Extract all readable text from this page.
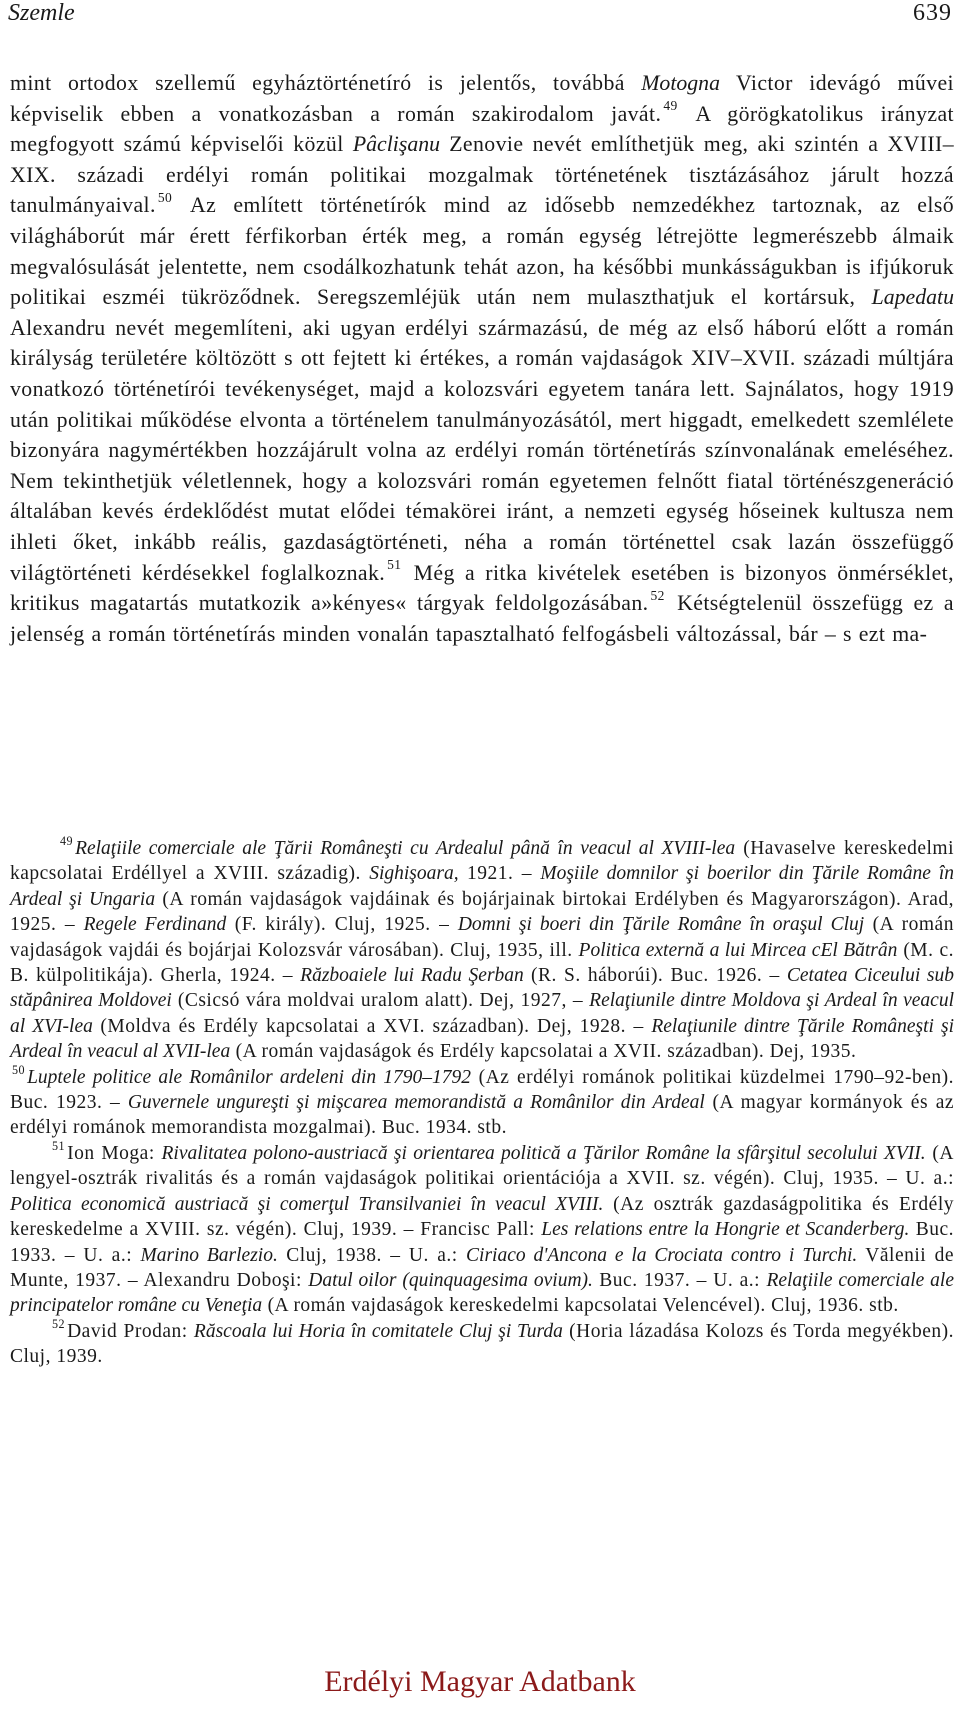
Szemle	639

mint ortodox szellemű egyháztörténetíró is jelentős, továbbá Motogna Victor idevágó művei képviselik ebben a vonatkozásban a román szakirodalom javát. $^{49}$ A görögkatolikus irányzat megfogyott számú képviselői közül Pâclişanu Zenovie nevét említhetjük meg, aki szintén a XVIII–XIX. századi erdélyi román politikai mozgalmak történetének tisztázásához járult hozzá tanulmányaival. $^{50}$ Az említett történetírók mind az idősebb nemzedékhez tartoznak, az első világháborút már érett férfikorban érték meg, a román egység létrejötte legmerészebb álmaik megvalósulását jelentette, nem csodálkozhatunk tehát azon, ha későbbi munkásságukban is ifjúkoruk politikai eszméi tükröződnek. Seregszemléjük után nem mulaszthatjuk el kortársuk, Lapedatu Alexandru nevét megemlíteni, aki ugyan erdélyi származású, de még az első háború előtt a román királyság területére költözött s ott fejtett ki értékes, a román vajdaságok XIV–XVII. századi múltjára vonatkozó történetírói tevékenységet, majd a kolozsvári egyetem tanára lett. Sajnálatos, hogy 1919 után politikai működése elvonta a történelem tanulmányozásától, mert higgadt, emelkedett szemlélete bizonyára nagymértékben hozzájárult volna az erdélyi román történetírás színvonalának emeléséhez. Nem tekinthetjük véletlennek, hogy a kolozsvári román egyetemen felnőtt fiatal történészgeneráció általában kevés érdeklődést mutat elődei témakörei iránt, a nemzeti egység hőseinek kultusza nem ihleti őket, inkább reális, gazdaságtörténeti, néha a román történettel csak lazán összefüggő világtörténeti kérdésekkel foglalkoznak. $^{51}$ Még a ritka kivételek esetében is bizonyos önmérséklet, kritikus magatartás mutatkozik a»kényes« tárgyak feldolgozásában. $^{52}$ Kétségtelenül összefügg ez a jelenség a román történetírás minden vonalán tapasztalható felfogásbeli változással, bár – s ezt ma-

$^{49}$ Relaţiile comerciale ale Ţării Româneşti cu Ardealul până în veacul al XVIII-lea (Havaselve kereskedelmi kapcsolatai Erdéllyel a XVIII. századig). Sighişoara, 1921. – Moşiile domnilor şi boerilor din Ţările Române în Ardeal şi Ungaria (A román vajdaságok vajdáinak és bojárjainak birtokai Erdélyben és Magyarországon). Arad, 1925. – Regele Ferdinand (F. király). Cluj, 1925. – Domni şi boeri din Ţările Române în oraşul Cluj (A román vajdaságok vajdái és bojárjai Kolozsvár városában). Cluj, 1935, ill. Politica externă a lui Mircea cEl Bătrân (M. c. B. külpolitikája). Gherla, 1924. – Războaiele lui Radu Şerban (R. S. háborúi). Buc. 1926. – Cetatea Ciceului sub stăpânirea Moldovei (Csicsó vára moldvai uralom alatt). Dej, 1927, – Relaţiunile dintre Moldova şi Ardeal în veacul al XVI-lea (Moldva és Erdély kapcsolatai a XVI. században). Dej, 1928. – Relaţiunile dintre Ţările Româneşti şi Ardeal în veacul al XVII-lea (A román vajdaságok és Erdély kapcsolatai a XVII. században). Dej, 1935.

$^{50}$ Luptele politice ale Românilor ardeleni din 1790–1792 (Az erdélyi románok politikai küzdelmei 1790–92-ben). Buc. 1923. – Guvernele ungureşti şi mişcarea memorandistă a Românilor din Ardeal (A magyar kormányok és az erdélyi románok memorandista mozgalmai). Buc. 1934. stb.

$^{51}$ Ion Moga: Rivalitatea polono-austriacă şi orientarea politică a Ţărilor Române la sfârşitul secolului XVII. (A lengyel-osztrák rivalitás és a román vajdaságok politikai orientációja a XVII. sz. végén). Cluj, 1935. – U. a.: Politica economică austriacă şi comerţul Transilvaniei în veacul XVIII. (Az osztrák gazdaságpolitika és Erdély kereskedelme a XVIII. sz. végén). Cluj, 1939. – Francisc Pall: Les relations entre la Hongrie et Scanderberg. Buc. 1933. – U. a.: Marino Barlezio. Cluj, 1938. – U. a.: Ciriaco d'Ancona e la Crociata contro i Turchi. Vălenii de Munte, 1937. – Alexandru Doboşi: Datul oilor (quinquagesima ovium). Buc. 1937. – U. a.: Relaţiile comerciale ale principatelor române cu Veneţia (A román vajdaságok kereskedelmi kapcsolatai Velencével). Cluj, 1936. stb.

$^{52}$ David Prodan: Răscoala lui Horia în comitatele Cluj şi Turda (Horia lázadása Kolozs és Torda megyékben). Cluj, 1939.

Erdélyi Magyar Adatbank
